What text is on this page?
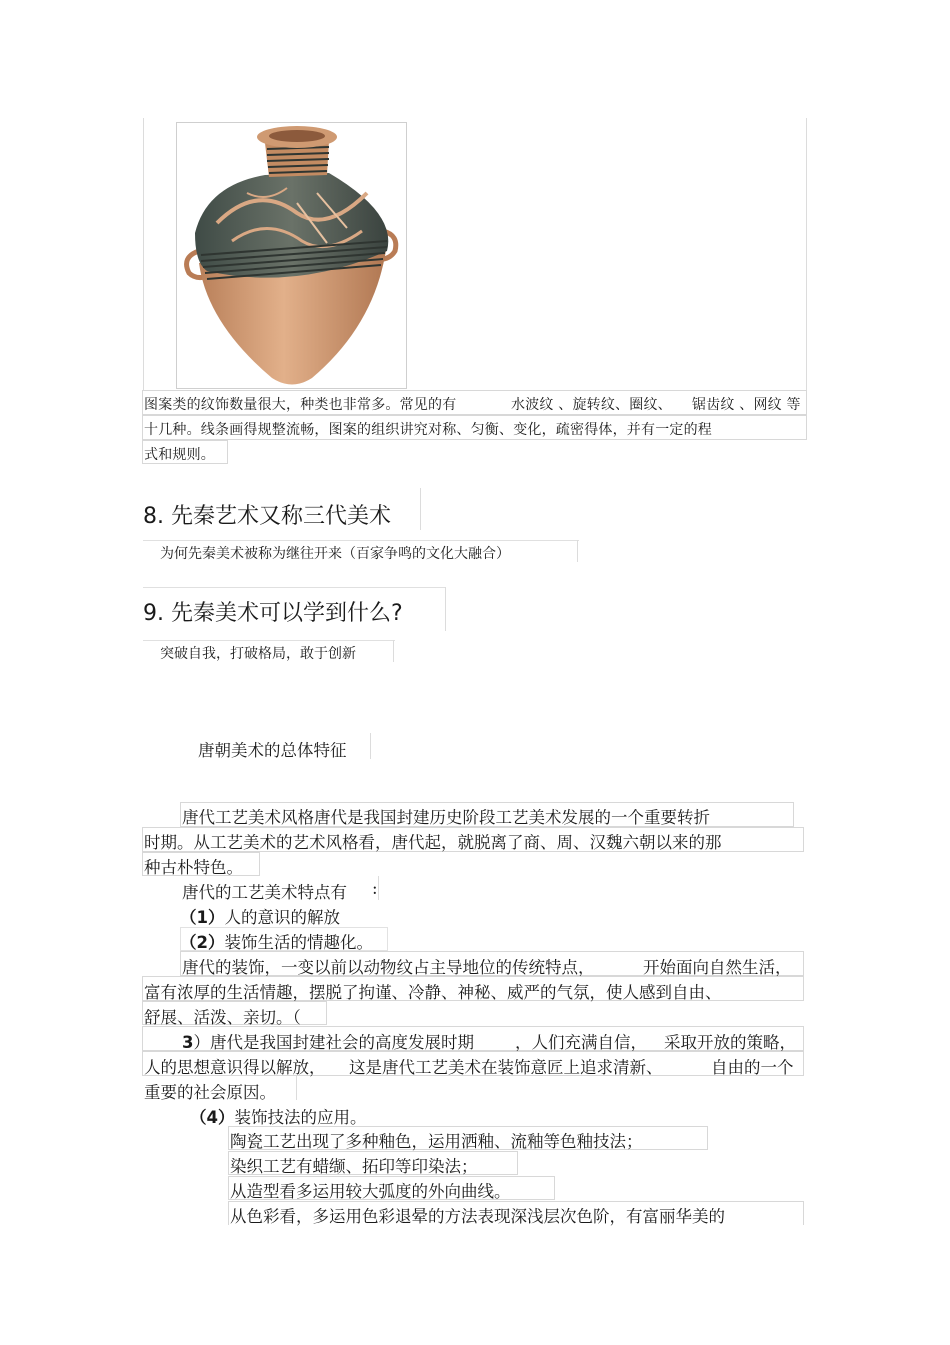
图案类的纹饰数量很大，种类也非常多。常见的有	水波纹 、旋转纹、圈纹、 锯齿纹 、网纹 等
十几种。线条画得规整流畅，图案的组织讲究对称、匀衡、变化，疏密得体，并有一定的程
式和规则。
8. 先秦艺术又称三代美术
为何先秦美术被称为继往开来（百家争鸣的文化大融合）
9. 先秦美术可以学到什么?
突破自我，打破格局，敢于创新
唐朝美术的总体特征
唐代工艺美术风格唐代是我国封建历史阶段工艺美术发展的一个重要转折
时期。从工艺美术的艺术风格看，唐代起，就脱离了商、周、汉魏六朝以来的那
种古朴特色。
唐代的工艺美术特点有 :
（1）人的意识的解放
（2）装饰生活的情趣化。
唐代的装饰，一变以前以动物纹占主导地位的传统特点，	开始面向自然生活，
富有浓厚的生活情趣，摆脱了拘谨、冷静、神秘、威严的气氛，使人感到自由、
舒展、活泼、亲切。（
3）唐代是我国封建社会的高度发展时期 ，人们充满自信， 采取开放的策略，
人的思想意识得以解放， 这是唐代工艺美术在装饰意匠上追求清新、	自由的一个
重要的社会原因。
（4）装饰技法的应用。
陶瓷工艺出现了多种釉色，运用洒釉、流釉等色釉技法；
染织工艺有蜡缬、拓印等印染法；
从造型看多运用较大弧度的外向曲线。
从色彩看，多运用色彩退晕的方法表现深浅层次色阶，有富丽华美的
